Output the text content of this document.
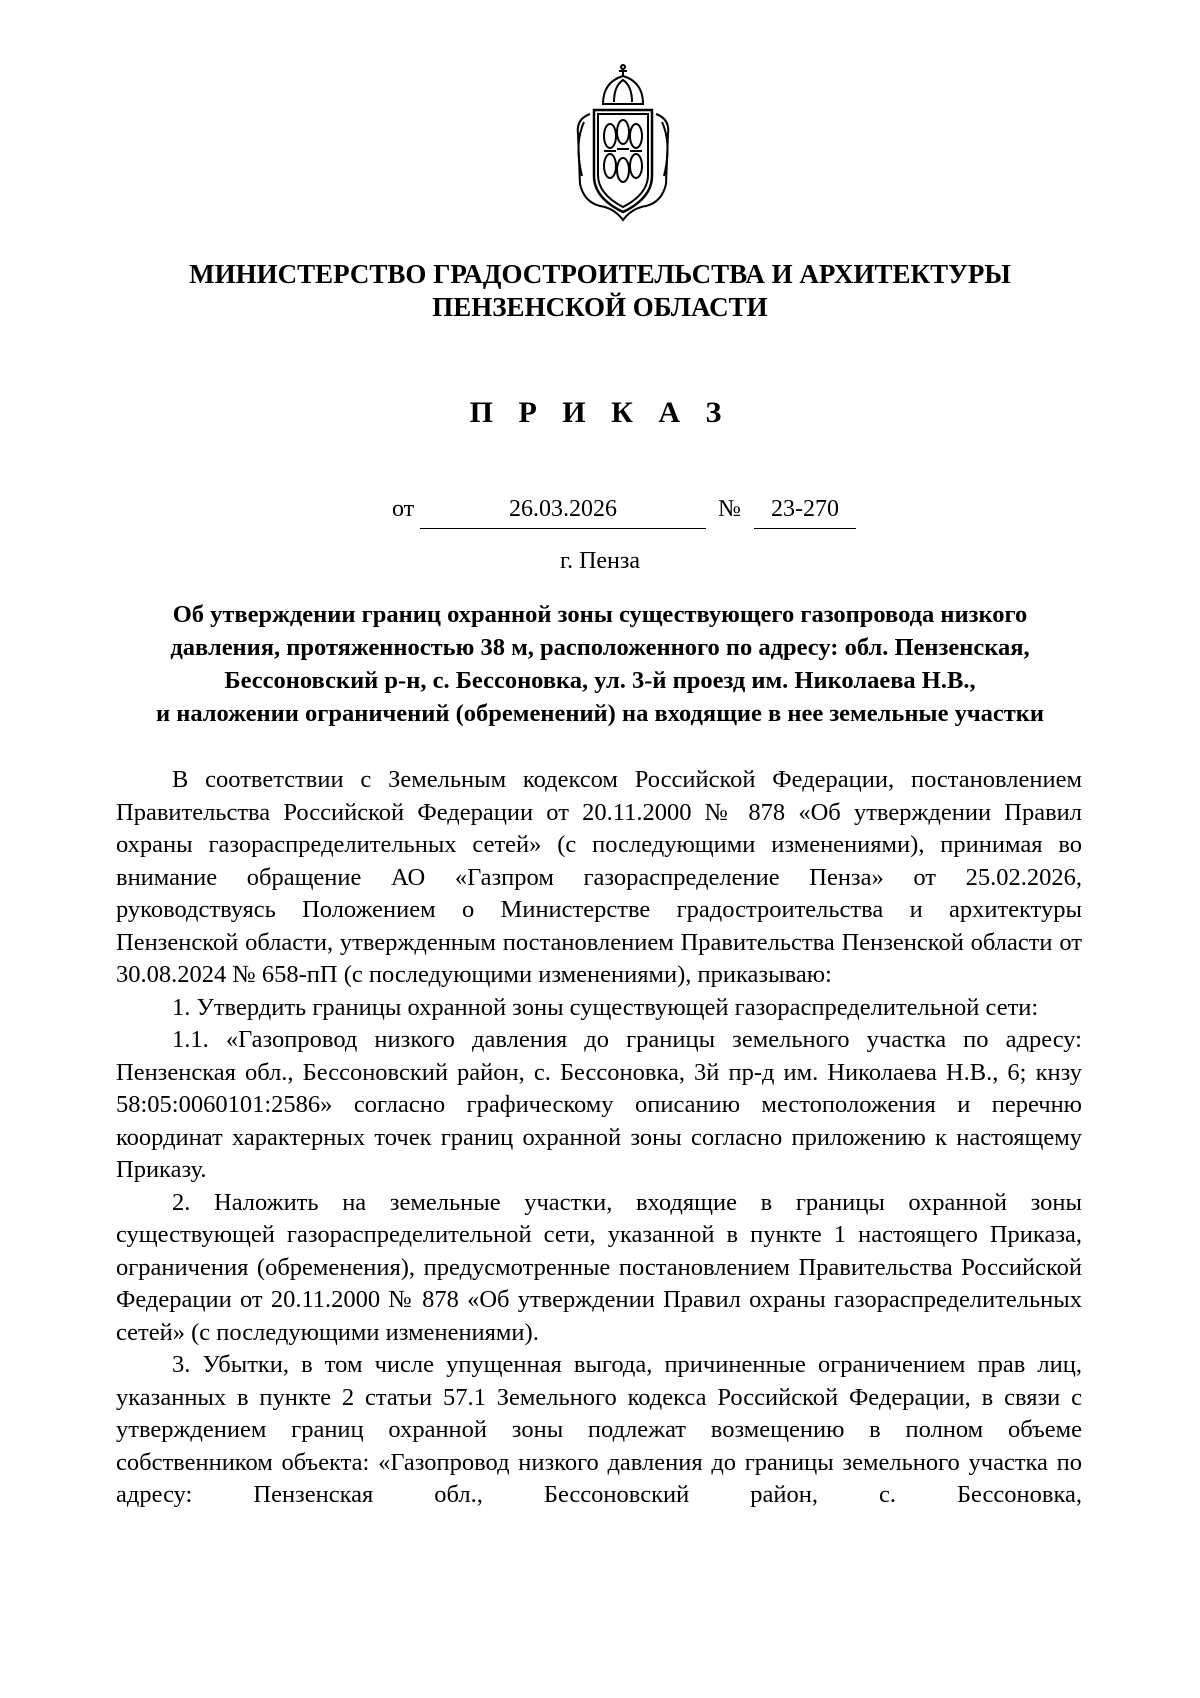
МИНИСТЕРСТВО ГРАДОСТРОИТЕЛЬСТВА И АРХИТЕКТУРЫ
ПЕНЗЕНСКОЙ ОБЛАСТИ
П Р И К А З
от	26.03.2026	№	23-270
г. Пенза
Об утверждении границ охранной зоны существующего газопровода низкого
давления, протяженностью 38 м, расположенного по адресу: обл. Пензенская,
Бессоновский р-н, с. Бессоновка, ул. 3-й проезд им. Николаева Н.В.,
и наложении ограничений (обременений) на входящие в нее земельные участки

В соответствии с Земельным кодексом Российской Федерации, постановлением Правительства Российской Федерации от 20.11.2000 № 878 «Об утверждении Правил охраны газораспределительных сетей» (с последующими изменениями), принимая во внимание обращение АО «Газпром газораспределение Пенза» от 25.02.2026, руководствуясь Положением о Министерстве градостроительства и архитектуры Пензенской области, утвержденным постановлением Правительства Пензенской области от 30.08.2024 № 658-пП (с последующими изменениями), приказываю:

1. Утвердить границы охранной зоны существующей газораспределительной сети:

1.1. «Газопровод низкого давления до границы земельного участка по адресу: Пензенская обл., Бессоновский район, с. Бессоновка, 3й пр-д им. Николаева Н.В., 6; кнзу 58:05:0060101:2586» согласно графическому описанию местоположения и перечню координат характерных точек границ охранной зоны согласно приложению к настоящему Приказу.

2. Наложить на земельные участки, входящие в границы охранной зоны существующей газораспределительной сети, указанной в пункте 1 настоящего Приказа, ограничения (обременения), предусмотренные постановлением Правительства Российской Федерации от 20.11.2000 № 878 «Об утверждении Правил охраны газораспределительных сетей» (с последующими изменениями).

3. Убытки, в том числе упущенная выгода, причиненные ограничением прав лиц, указанных в пункте 2 статьи 57.1 Земельного кодекса Российской Федерации, в связи с утверждением границ охранной зоны подлежат возмещению в полном объеме собственником объекта: «Газопровод низкого давления до границы земельного участка по адресу: Пензенская обл., Бессоновский район, с. Бессоновка,
